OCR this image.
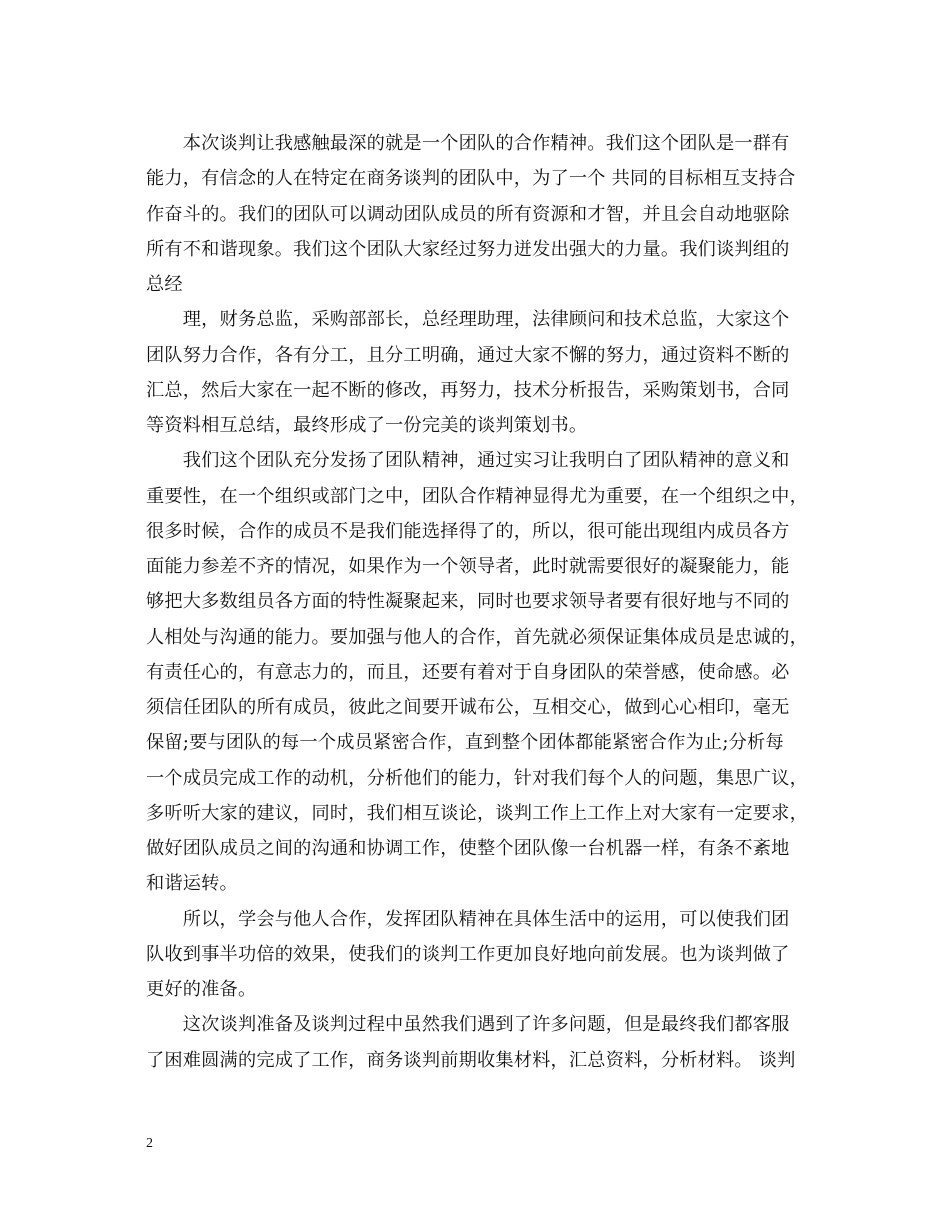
　　本次谈判让我感触最深的就是一个团队的合作精神。我们这个团队是一群有
能力，有信念的人在特定在商务谈判的团队中，为了一个 共同的目标相互支持合
作奋斗的。我们的团队可以调动团队成员的所有资源和才智，并且会自动地驱除
所有不和谐现象。我们这个团队大家经过努力迸发出强大的力量。我们谈判组的
总经
　　理，财务总监，采购部部长，总经理助理，法律顾问和技术总监，大家这个
团队努力合作，各有分工，且分工明确，通过大家不懈的努力，通过资料不断的
汇总，然后大家在一起不断的修改，再努力，技术分析报告，采购策划书，合同
等资料相互总结，最终形成了一份完美的谈判策划书。
　　我们这个团队充分发扬了团队精神，通过实习让我明白了团队精神的意义和
重要性，在一个组织或部门之中，团队合作精神显得尤为重要，在一个组织之中，
很多时候，合作的成员不是我们能选择得了的，所以，很可能出现组内成员各方
面能力参差不齐的情况，如果作为一个领导者，此时就需要很好的凝聚能力，能
够把大多数组员各方面的特性凝聚起来，同时也要求领导者要有很好地与不同的
人相处与沟通的能力。要加强与他人的合作，首先就必须保证集体成员是忠诚的，
有责任心的，有意志力的，而且，还要有着对于自身团队的荣誉感，使命感。必
须信任团队的所有成员，彼此之间要开诚布公，互相交心，做到心心相印，毫无
保留;要与团队的每一个成员紧密合作，直到整个团体都能紧密合作为止;分析每
一个成员完成工作的动机，分析他们的能力，针对我们每个人的问题，集思广议，
多听听大家的建议，同时，我们相互谈论，谈判工作上工作上对大家有一定要求，
做好团队成员之间的沟通和协调工作，使整个团队像一台机器一样，有条不紊地
和谐运转。
　　所以，学会与他人合作，发挥团队精神在具体生活中的运用，可以使我们团
队收到事半功倍的效果，使我们的谈判工作更加良好地向前发展。也为谈判做了
更好的准备。
　　这次谈判准备及谈判过程中虽然我们遇到了许多问题，但是最终我们都客服
了困难圆满的完成了工作，商务谈判前期收集材料，汇总资料，分析材料。 谈判
2
